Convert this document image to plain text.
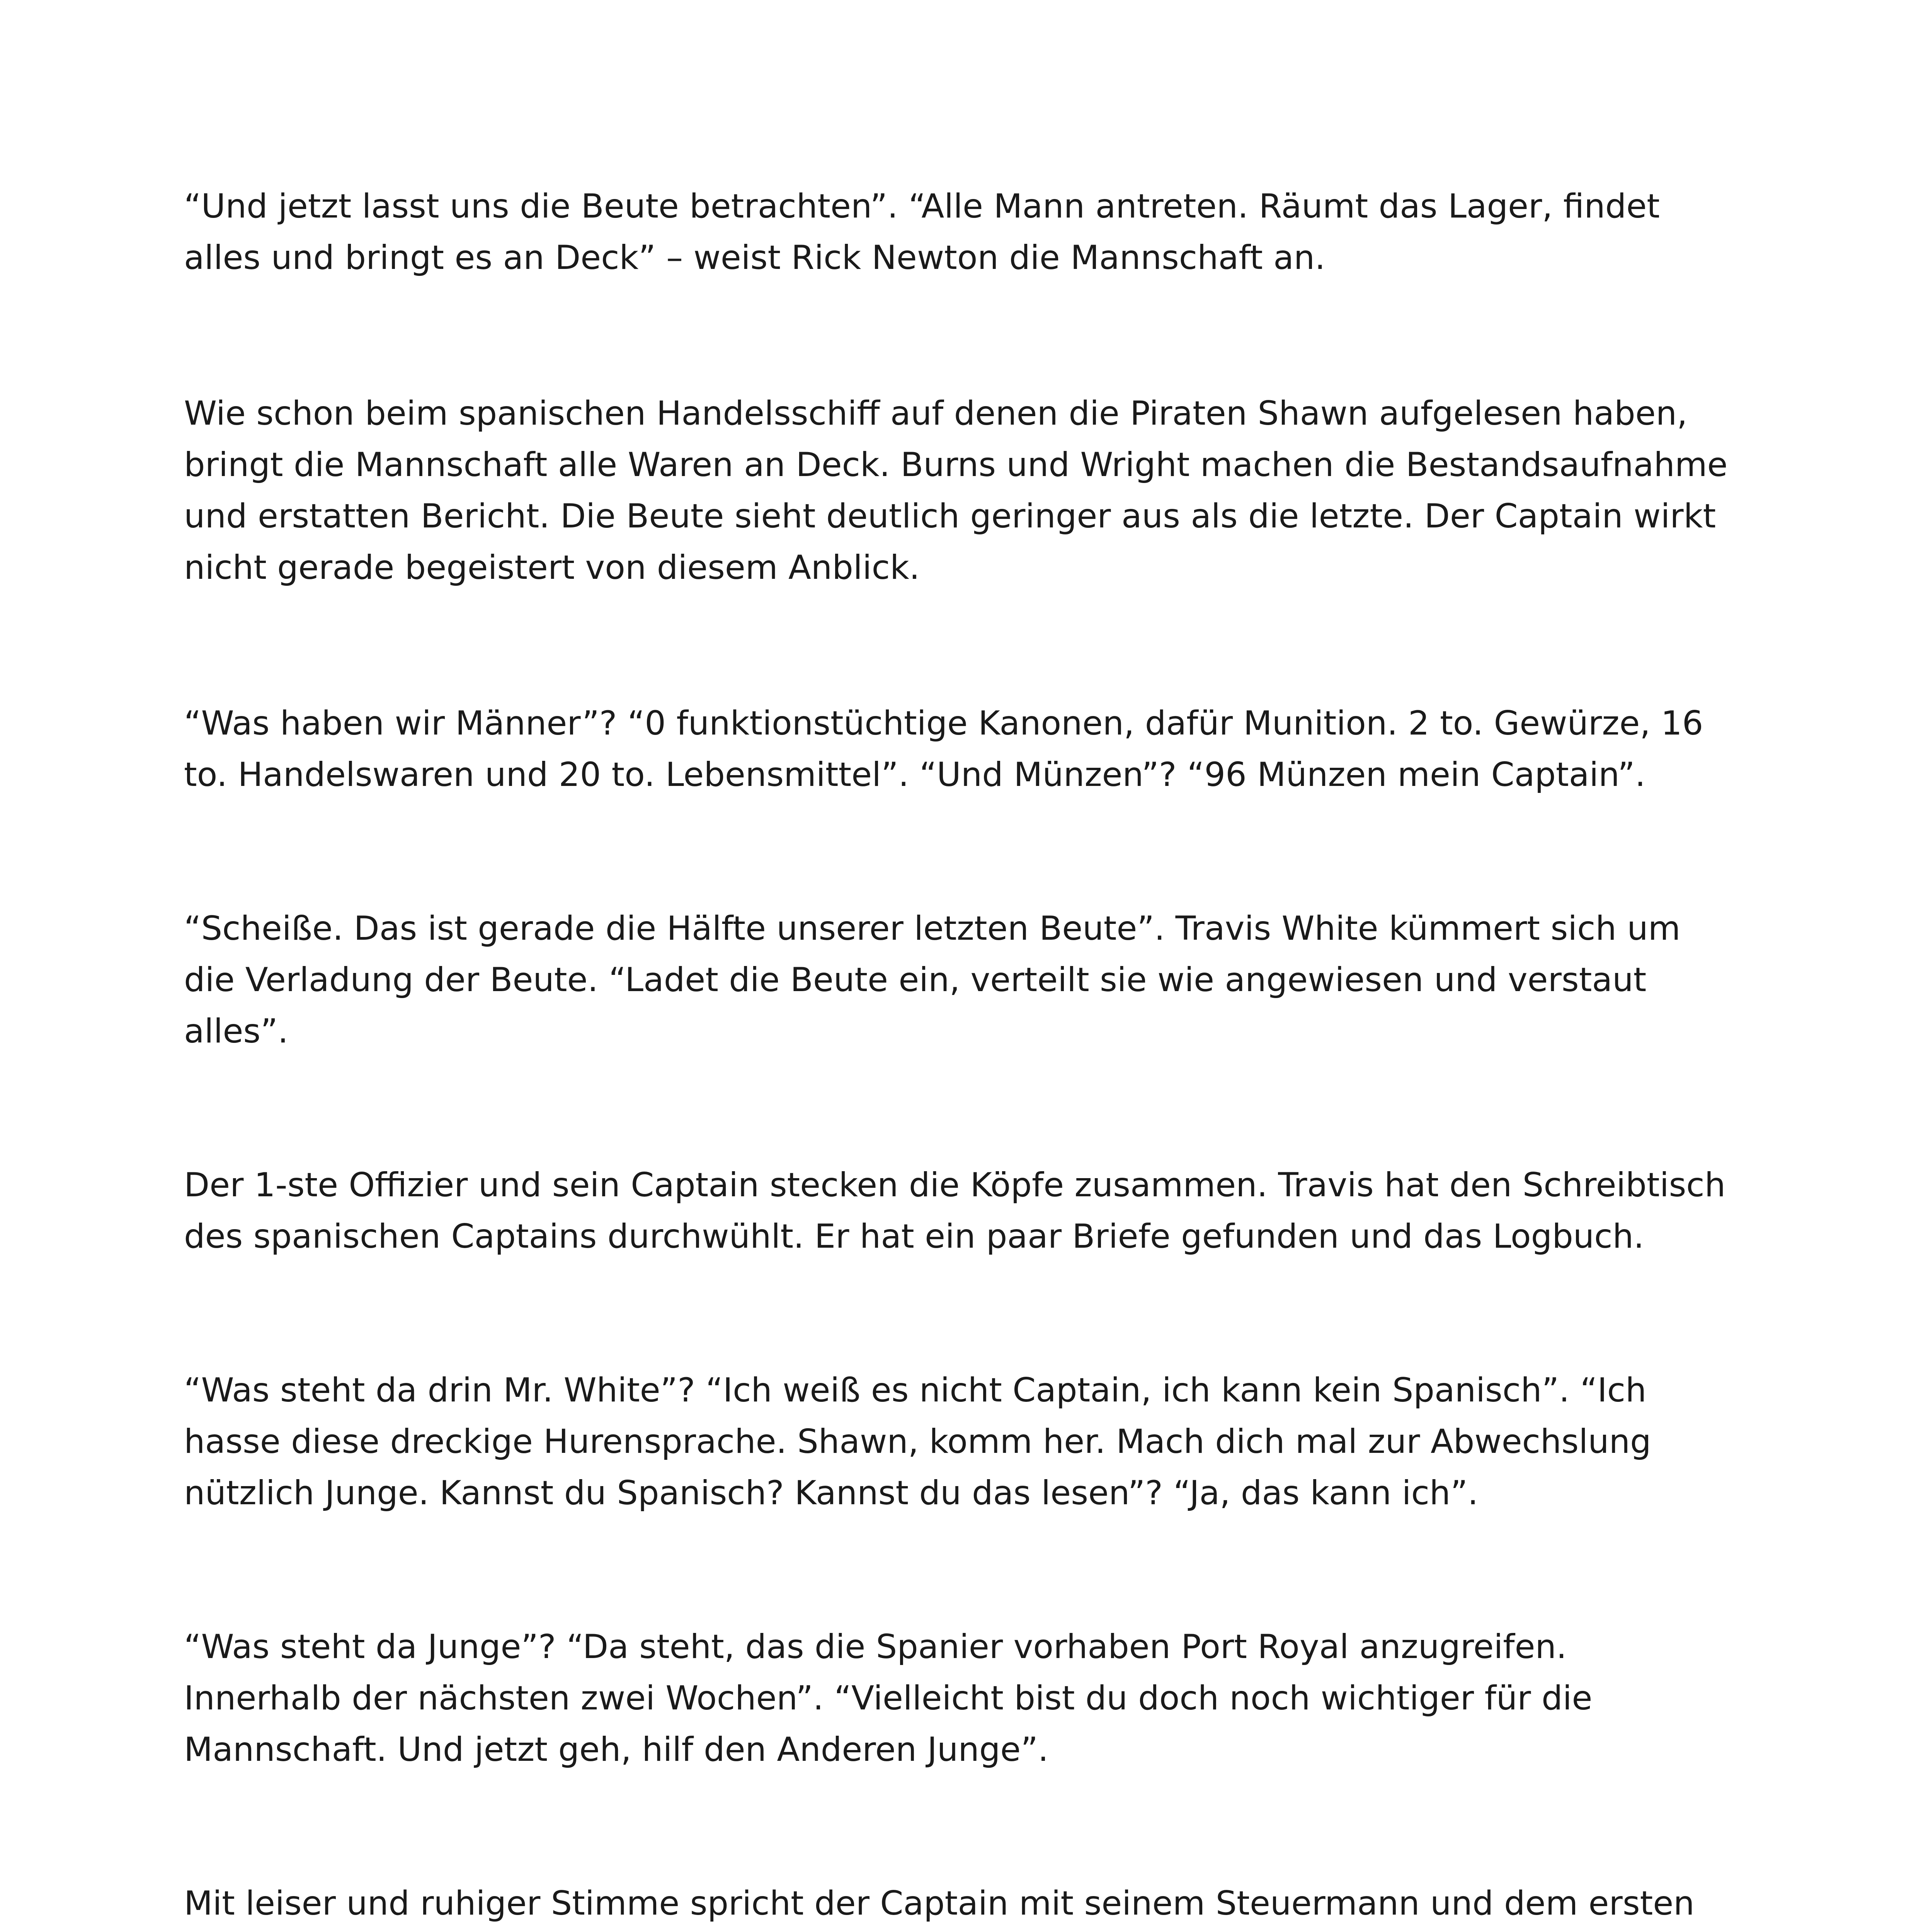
“Und jetzt lasst uns die Beute betrachten”. “Alle Mann antreten. Räumt das Lager, findet alles und bringt es an Deck” – weist Rick Newton die Mannschaft an.

Wie schon beim spanischen Handelsschiff auf denen die Piraten Shawn aufgelesen haben, bringt die Mannschaft alle Waren an Deck. Burns und Wright machen die Bestandsaufnahme und erstatten Bericht. Die Beute sieht deutlich geringer aus als die letzte. Der Captain wirkt nicht gerade begeistert von diesem Anblick.

“Was haben wir Männer”? “0 funktionstüchtige Kanonen, dafür Munition. 2 to. Gewürze, 16 to. Handelswaren und 20 to. Lebensmittel”. “Und Münzen”? “96 Münzen mein Captain”.

“Scheiße. Das ist gerade die Hälfte unserer letzten Beute”. Travis White kümmert sich um die Verladung der Beute. “Ladet die Beute ein, verteilt sie wie angewiesen und verstaut alles”.

Der 1-ste Offizier und sein Captain stecken die Köpfe zusammen. Travis hat den Schreibtisch des spanischen Captains durchwühlt. Er hat ein paar Briefe gefunden und das Logbuch.

“Was steht da drin Mr. White”? “Ich weiß es nicht Captain, ich kann kein Spanisch”. “Ich hasse diese dreckige Hurensprache. Shawn, komm her. Mach dich mal zur Abwechslung nützlich Junge. Kannst du Spanisch? Kannst du das lesen”? “Ja, das kann ich”.

“Was steht da Junge”? “Da steht, das die Spanier vorhaben Port Royal anzugreifen. Innerhalb der nächsten zwei Wochen”. “Vielleicht bist du doch noch wichtiger für die Mannschaft. Und jetzt geh, hilf den Anderen Junge”.

Mit leiser und ruhiger Stimme spricht der Captain mit seinem Steuermann und dem ersten
